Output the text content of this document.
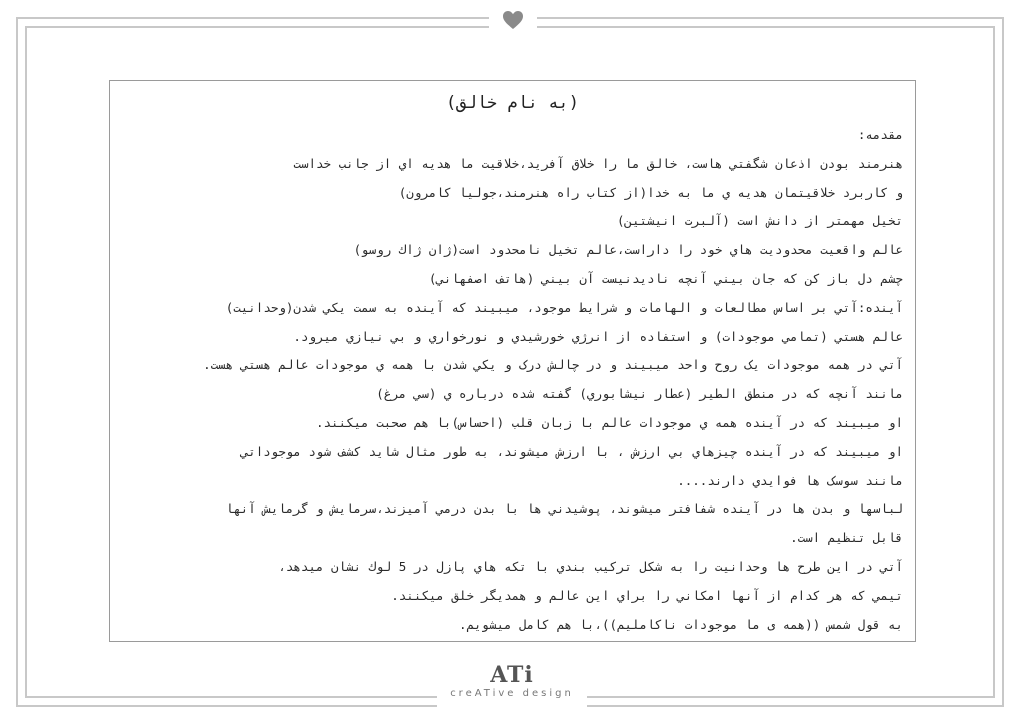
(به نام خالق)
مقدمه:
هنرمند بودن اذعان شگفتي هاست، خالق ما را خلاق آفريد،خلاقيت ما هديه اي از جانب خداست
و كاربرد خلاقيتمان هديه ي ما به خدا(از كتاب راه هنرمند،جوليا كامرون)
تخيل مهمتر از دانش است (آلبرت انيشتين)
عالم واقعيت محدوديت هاي خود را داراست،عالم تخيل نامحدود است(ژان ژاك روسو)
چشم دل باز كن كه جان بيني آنچه ناديدنيست آن بيني (هاتف اصفهاني)
آينده:آتي بر اساس مطالعات و الهامات و شرايط موجود، ميبيند كه آينده به سمت يكي شدن(وحدانيت)
عالم هستي (تمامي موجودات) و استفاده از انرژي خورشيدي و نورخواري و بي نيازي ميرود.
آتي در همه موجودات يک روح واحد ميبيند و در چالش درک و يكي شدن با همه ي موجودات عالم هستي هست.
مانند آنچه كه در منطق الطير (عطار نيشابوري) گفته شده درباره ي (سي مرغ)
او ميبيند كه در آينده همه ي موجودات عالم با زبان قلب (احساس)با هم صحبت ميكنند.
او ميبيند كه در آينده چيزهاي بي ارزش ، با ارزش ميشوند، به طور مثال شايد كشف شود موجوداتي
مانند سوسک ها فوايدي دارند....
لباسها و بدن ها در آينده شفافتر ميشوند، پوشيدني ها با بدن درمي آميزند،سرمايش و گرمايش آنها
قابل تنظيم است.
آتي در اين طرح ها وحدانيت را به شكل تركيب بندي با تكه هاي پازل در 5 لوك نشان ميدهد،
تيمي كه هر كدام از آنها امكاني را براي اين عالم و همديگر خلق ميكنند.
به قول شمس ((همه ی ما موجودات ناكامليم))،با هم كامل ميشويم.
ATi
creATive design
